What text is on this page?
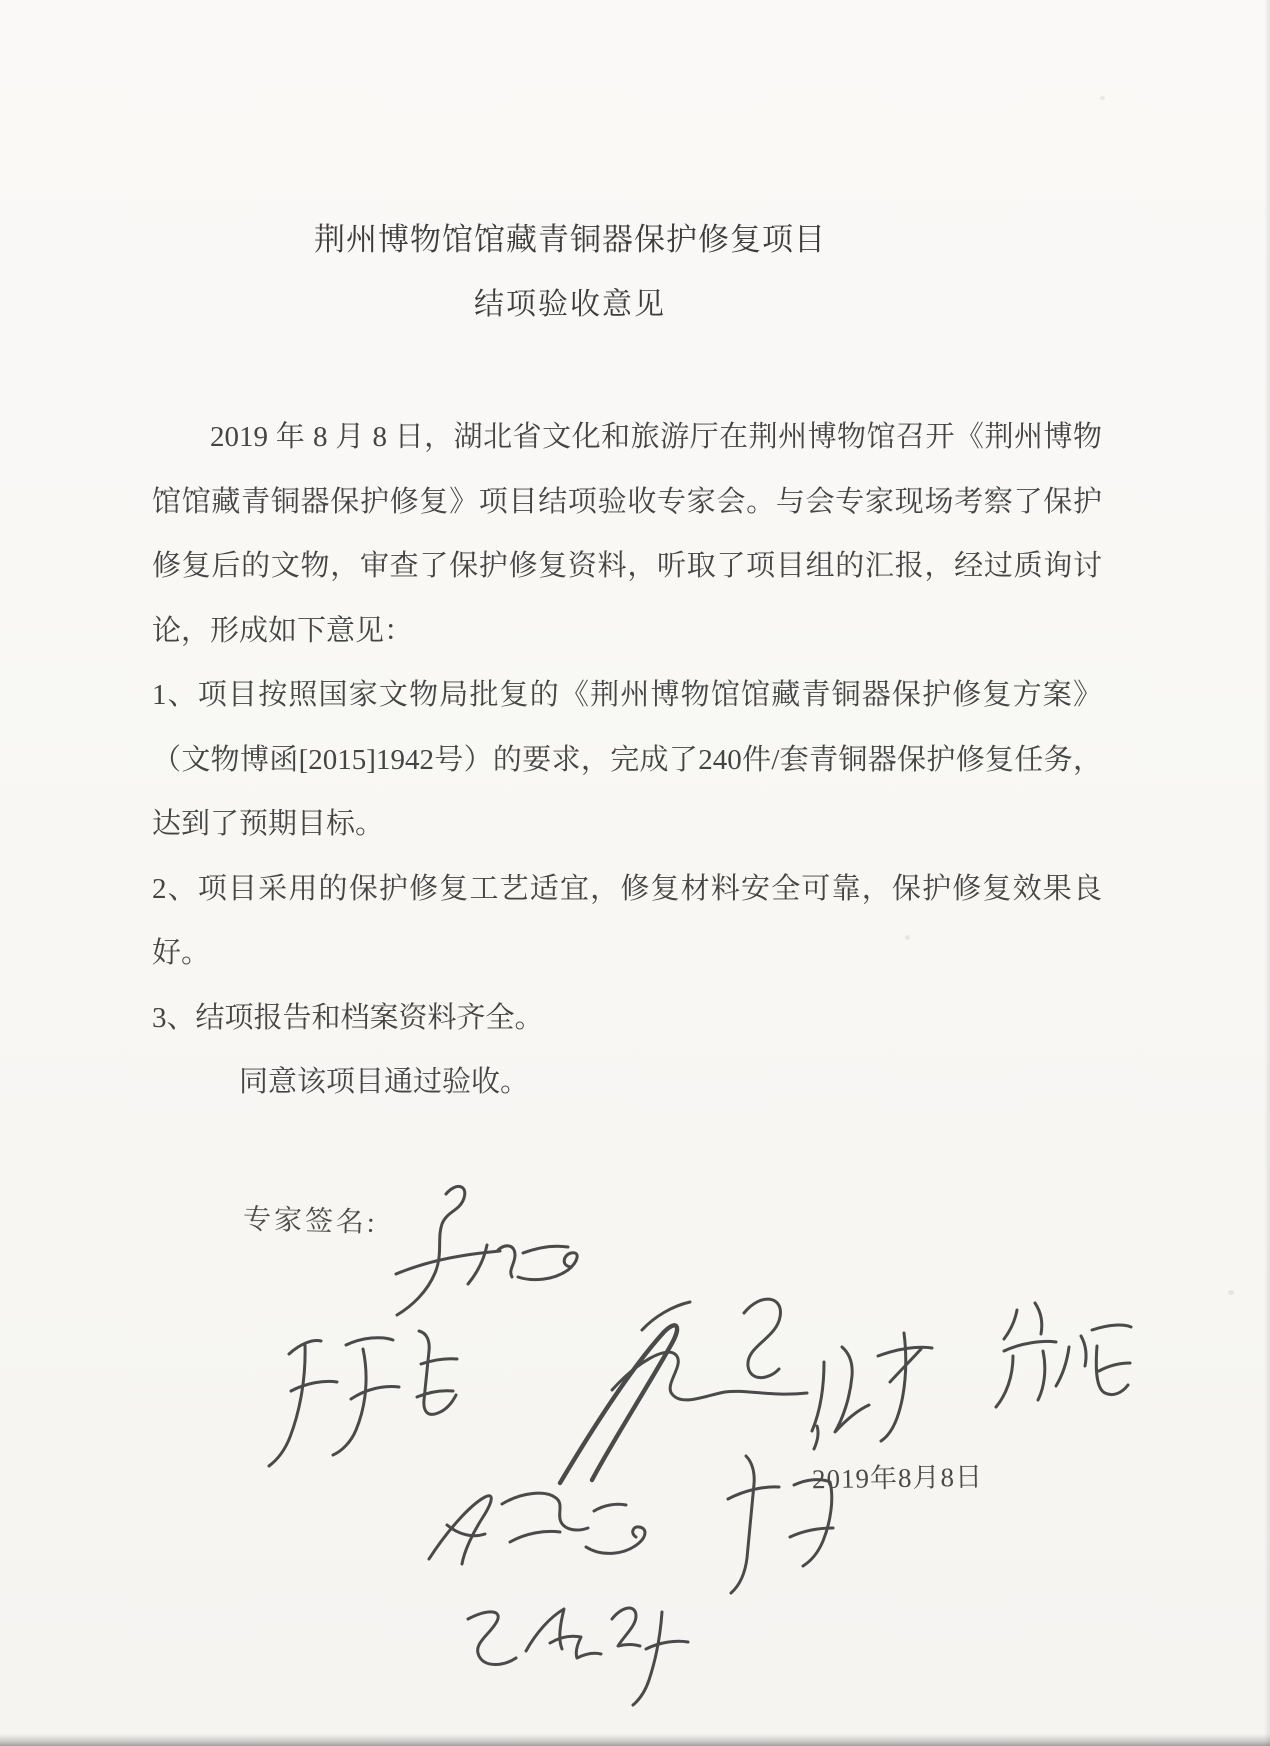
荆州博物馆馆藏青铜器保护修复项目
结项验收意见

2019 年 8 月 8 日，湖北省文化和旅游厅在荆州博物馆召开《荆州博物馆馆藏青铜器保护修复》项目结项验收专家会。与会专家现场考察了保护修复后的文物，审查了保护修复资料，听取了项目组的汇报，经过质询讨论，形成如下意见：

1、项目按照国家文物局批复的《荆州博物馆馆藏青铜器保护修复方案》（文物博函[2015]1942号）的要求，完成了240件/套青铜器保护修复任务，达到了预期目标。

2、项目采用的保护修复工艺适宜，修复材料安全可靠，保护修复效果良好。

3、结项报告和档案资料齐全。

同意该项目通过验收。

专家签名:
2019年8月8日
